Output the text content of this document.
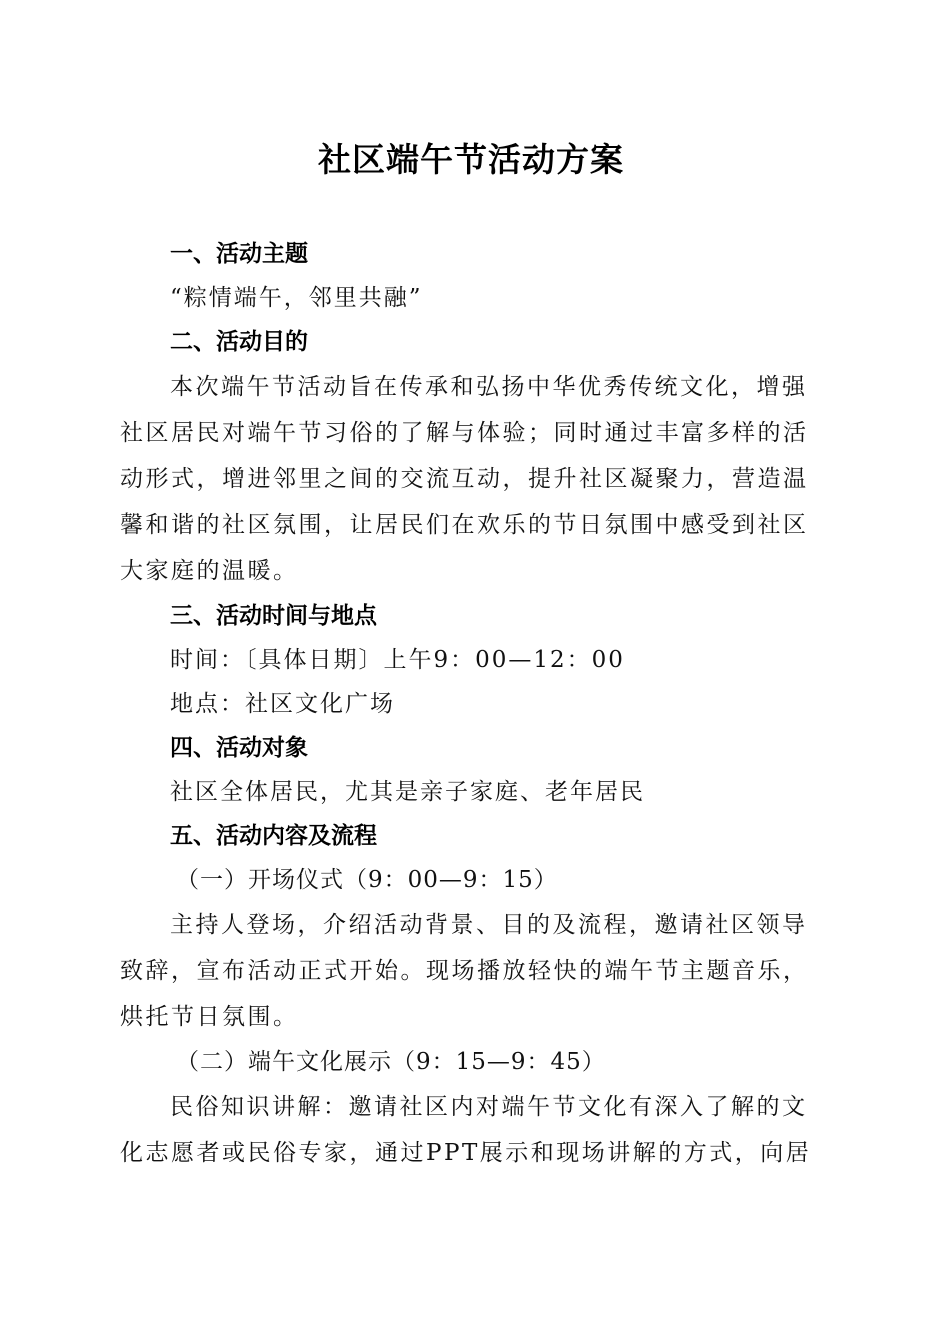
社区端午节活动方案
一、活动主题
“粽情端午，邻里共融”
二、活动目的
本次端午节活动旨在传承和弘扬中华优秀传统文化，增强
社区居民对端午节习俗的了解与体验；同时通过丰富多样的活
动形式，增进邻里之间的交流互动，提升社区凝聚力，营造温
馨和谐的社区氛围，让居民们在欢乐的节日氛围中感受到社区
大家庭的温暖。
三、活动时间与地点
时间：〔具体日期〕上午9：00—12：00
地点：社区文化广场
四、活动对象
社区全体居民，尤其是亲子家庭、老年居民
五、活动内容及流程
（一）开场仪式（9：00—9：15）
主持人登场，介绍活动背景、目的及流程，邀请社区领导
致辞，宣布活动正式开始。现场播放轻快的端午节主题音乐，
烘托节日氛围。
（二）端午文化展示（9：15—9：45）
民俗知识讲解：邀请社区内对端午节文化有深入了解的文
化志愿者或民俗专家，通过PPT展示和现场讲解的方式，向居
